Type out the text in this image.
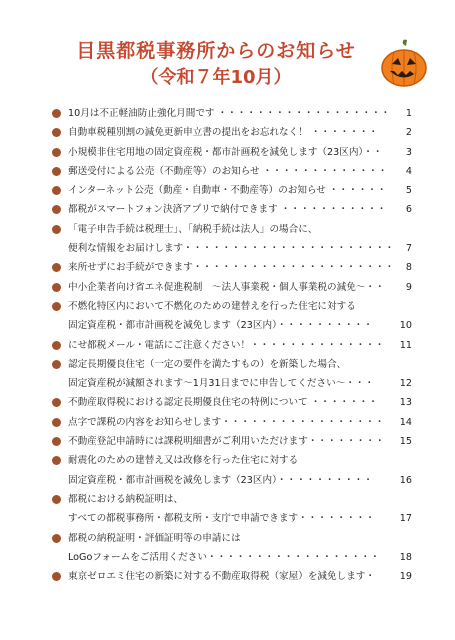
目黒都税事務所からのお知らせ
（令和７年10月）
10月は不正軽油防止強化月間です ・・・・・・・・・・・・・・・・・・ 1
自動車税種別割の減免更新申立書の提出をお忘れなく！ ・・・・・・・	2
小規模非住宅用地の固定資産税・都市計画税を減免します（23区内）・・ 3
郵送受付による公売（不動産等）のお知らせ ・・・・・・・・・・・・・ 4
インターネット公売（動産・自動車・不動産等）のお知らせ ・・・・・・ 5
都税がスマートフォン決済アプリで納付できます ・・・・・・・・・・・ 6
「電子申告手続は税理士」、「納税手続は法人」の場合に、
便利な情報をお届けします・・・・・・・・・・・・・・・・・・・・・・ 7
来所せずにお手続ができます・・・・・・・・・・・・・・・・・・・・・ 8
中小企業者向け省エネ促進税制　～法人事業税・個人事業税の減免～・・ 9
不燃化特区内において不燃化のための建替えを行った住宅に対する
固定資産税・都市計画税を減免します（23区内）・・・・・・・・・・	10
にせ都税メール・電話にご注意ください！・・・・・・・・・・・・・・ 11
認定長期優良住宅（一定の要件を満たすもの）を新築した場合、
固定資産税が減額されます～1月31日までに申告してください～・・・	12
不動産取得税における認定長期優良住宅の特例について ・・・・・・・ 13
点字で課税の内容をお知らせします・・・・・・・・・・・・・・・・・ 14
不動産登記申請時には課税明細書がご利用いただけます・・・・・・・・ 15
耐震化のための建替え又は改修を行った住宅に対する
固定資産税・都市計画税を減免します（23区内）・・・・・・・・・・	16
都税における納税証明は、
すべての都税事務所・都税支所・支庁で申請できます・・・・・・・・	17
都税の納税証明・評価証明等の申請には
LoGoフォームをご活用ください・・・・・・・・・・・・・・・・・・ 18
東京ゼロエミ住宅の新築に対する不動産取得税（家屋）を減免します・	19
